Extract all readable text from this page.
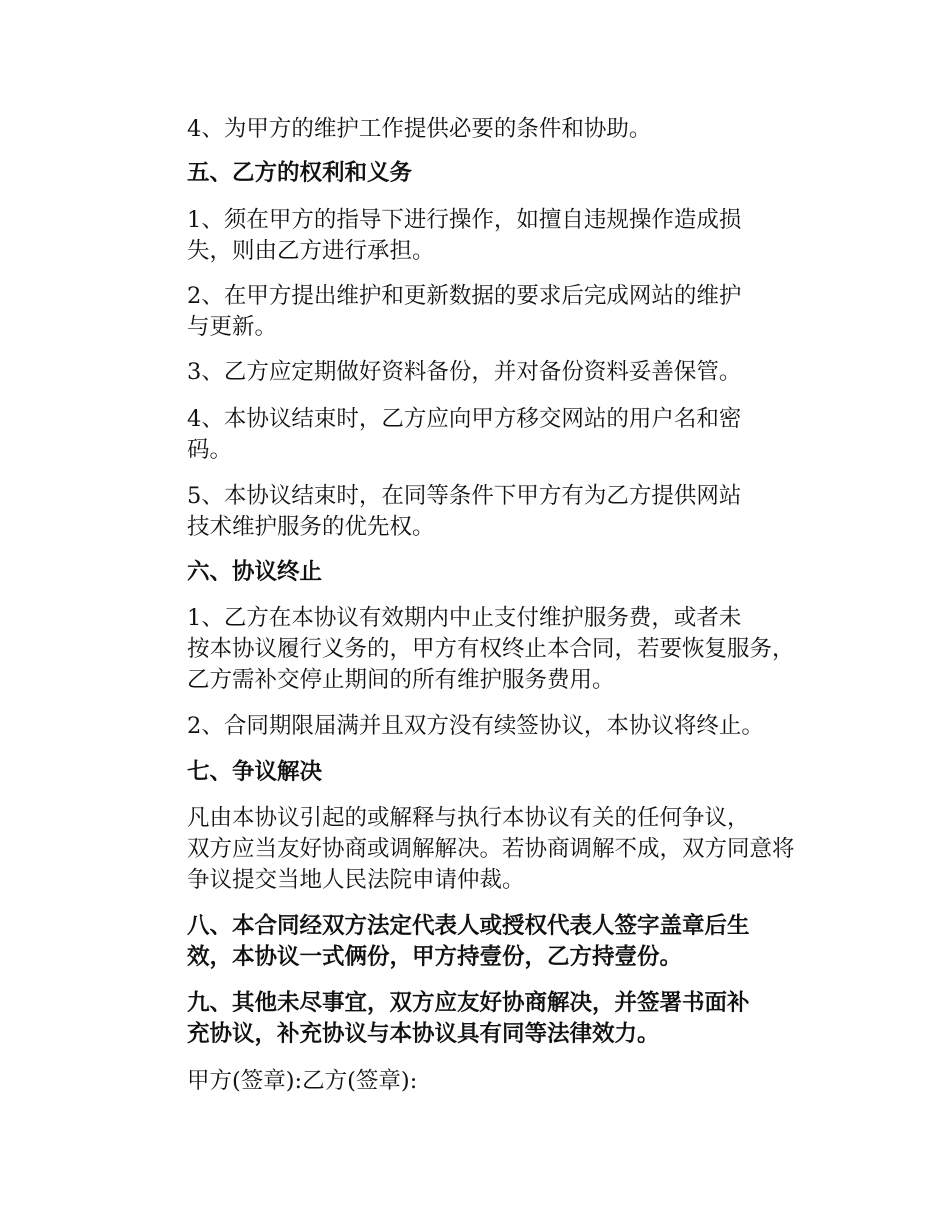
4、为甲方的维护工作提供必要的条件和协助。
五、乙方的权利和义务
1、须在甲方的指导下进行操作，如擅自违规操作造成损
失，则由乙方进行承担。
2、在甲方提出维护和更新数据的要求后完成网站的维护
与更新。
3、乙方应定期做好资料备份，并对备份资料妥善保管。
4、本协议结束时，乙方应向甲方移交网站的用户名和密
码。
5、本协议结束时，在同等条件下甲方有为乙方提供网站
技术维护服务的优先权。
六、协议终止
1、乙方在本协议有效期内中止支付维护服务费，或者未
按本协议履行义务的，甲方有权终止本合同，若要恢复服务，
乙方需补交停止期间的所有维护服务费用。
2、合同期限届满并且双方没有续签协议，本协议将终止。
七、争议解决
凡由本协议引起的或解释与执行本协议有关的任何争议，
双方应当友好协商或调解解决。若协商调解不成，双方同意将
争议提交当地人民法院申请仲裁。
八、本合同经双方法定代表人或授权代表人签字盖章后生
效，本协议一式俩份，甲方持壹份，乙方持壹份。
九、其他未尽事宜，双方应友好协商解决，并签署书面补
充协议，补充协议与本协议具有同等法律效力。
甲方(签章):乙方(签章):
